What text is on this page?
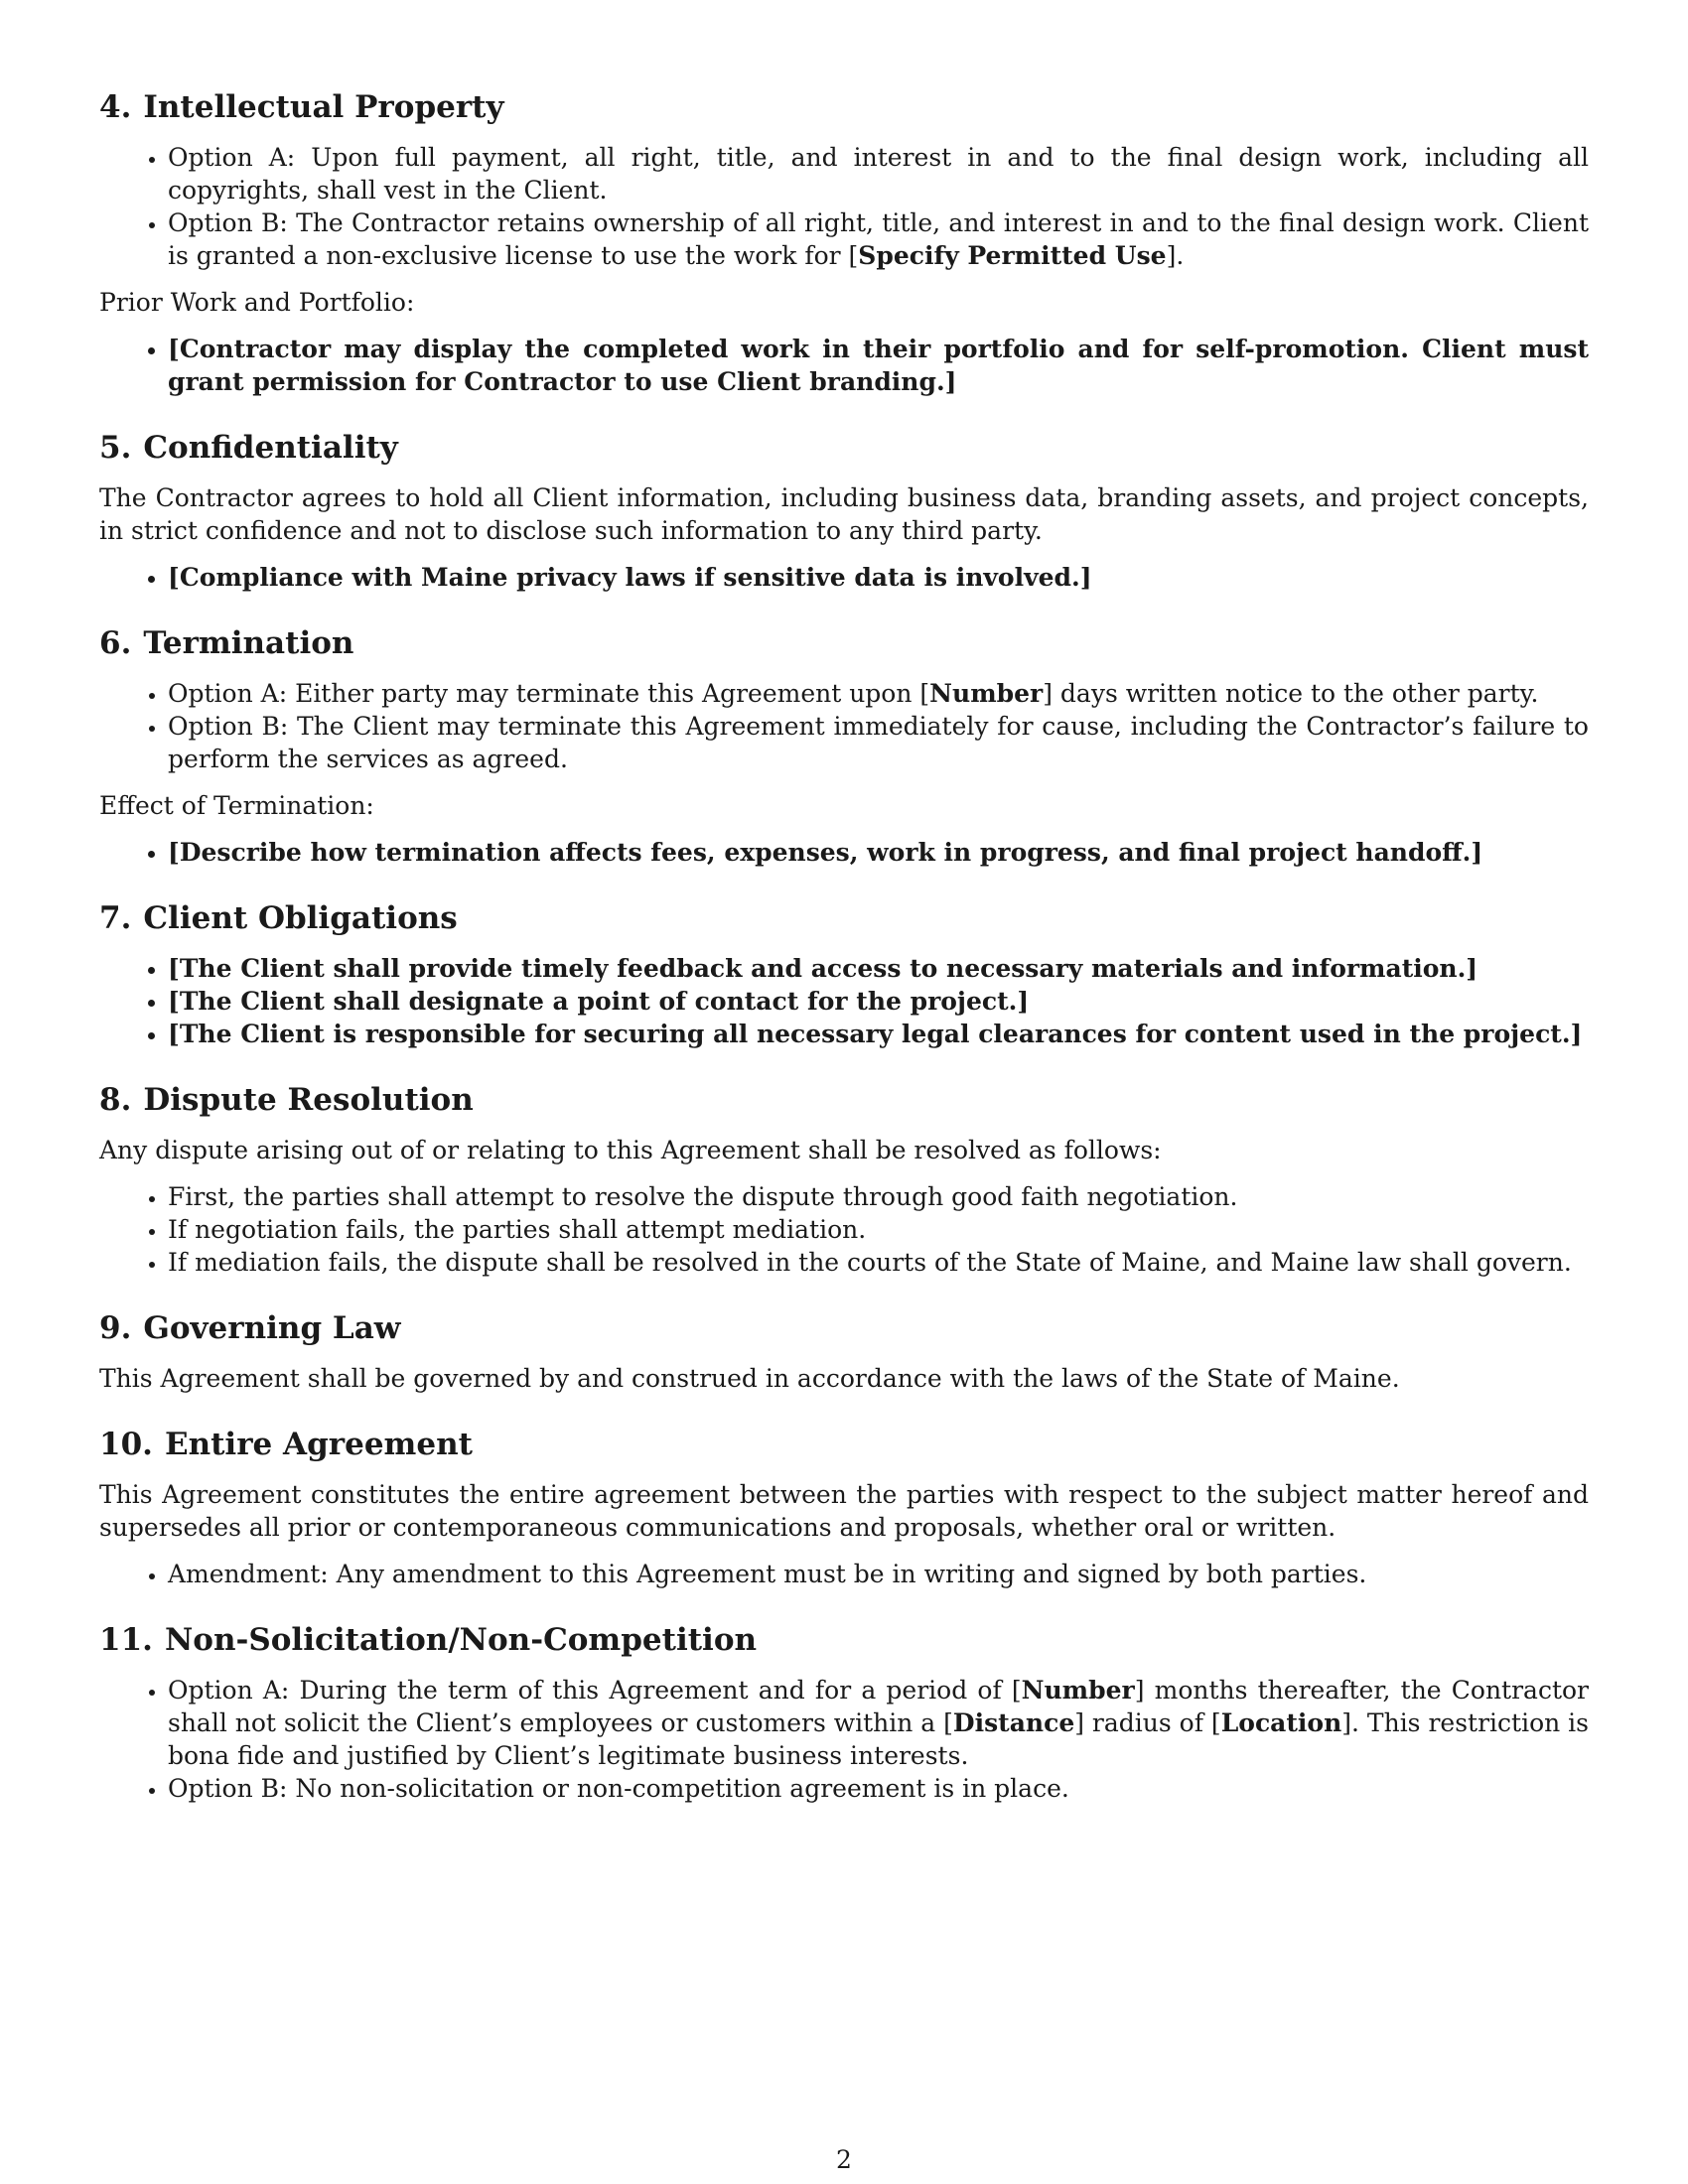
4. Intellectual Property
• Option A: Upon full payment, all right, title, and interest in and to the final design work, including all copyrights, shall vest in the Client.
• Option B: The Contractor retains ownership of all right, title, and interest in and to the final design work. Client is granted a non-exclusive license to use the work for [Specify Permitted Use].

Prior Work and Portfolio:

• [Contractor may display the completed work in their portfolio and for self-promotion. Client must grant permission for Contractor to use Client branding.]
5. Confidentiality

The Contractor agrees to hold all Client information, including business data, branding assets, and project concepts, in strict confidence and not to disclose such information to any third party.

• [Compliance with Maine privacy laws if sensitive data is involved.]
6. Termination
• Option A: Either party may terminate this Agreement upon [Number] days written notice to the other party.
• Option B: The Client may terminate this Agreement immediately for cause, including the Contractor’s failure to perform the services as agreed.

Effect of Termination:

• [Describe how termination affects fees, expenses, work in progress, and final project handoff.]
7. Client Obligations
• [The Client shall provide timely feedback and access to necessary materials and information.]
• [The Client shall designate a point of contact for the project.]
• [The Client is responsible for securing all necessary legal clearances for content used in the project.]
8. Dispute Resolution

Any dispute arising out of or relating to this Agreement shall be resolved as follows:

• First, the parties shall attempt to resolve the dispute through good faith negotiation.
• If negotiation fails, the parties shall attempt mediation.
• If mediation fails, the dispute shall be resolved in the courts of the State of Maine, and Maine law shall govern.
9. Governing Law

This Agreement shall be governed by and construed in accordance with the laws of the State of Maine.

10. Entire Agreement

This Agreement constitutes the entire agreement between the parties with respect to the subject matter hereof and supersedes all prior or contemporaneous communications and proposals, whether oral or written.

• Amendment: Any amendment to this Agreement must be in writing and signed by both parties.
11. Non-Solicitation/Non-Competition
• Option A: During the term of this Agreement and for a period of [Number] months thereafter, the Contractor shall not solicit the Client’s employees or customers within a [Distance] radius of [Location]. This restriction is bona fide and justified by Client’s legitimate business interests.
• Option B: No non-solicitation or non-competition agreement is in place.
2
